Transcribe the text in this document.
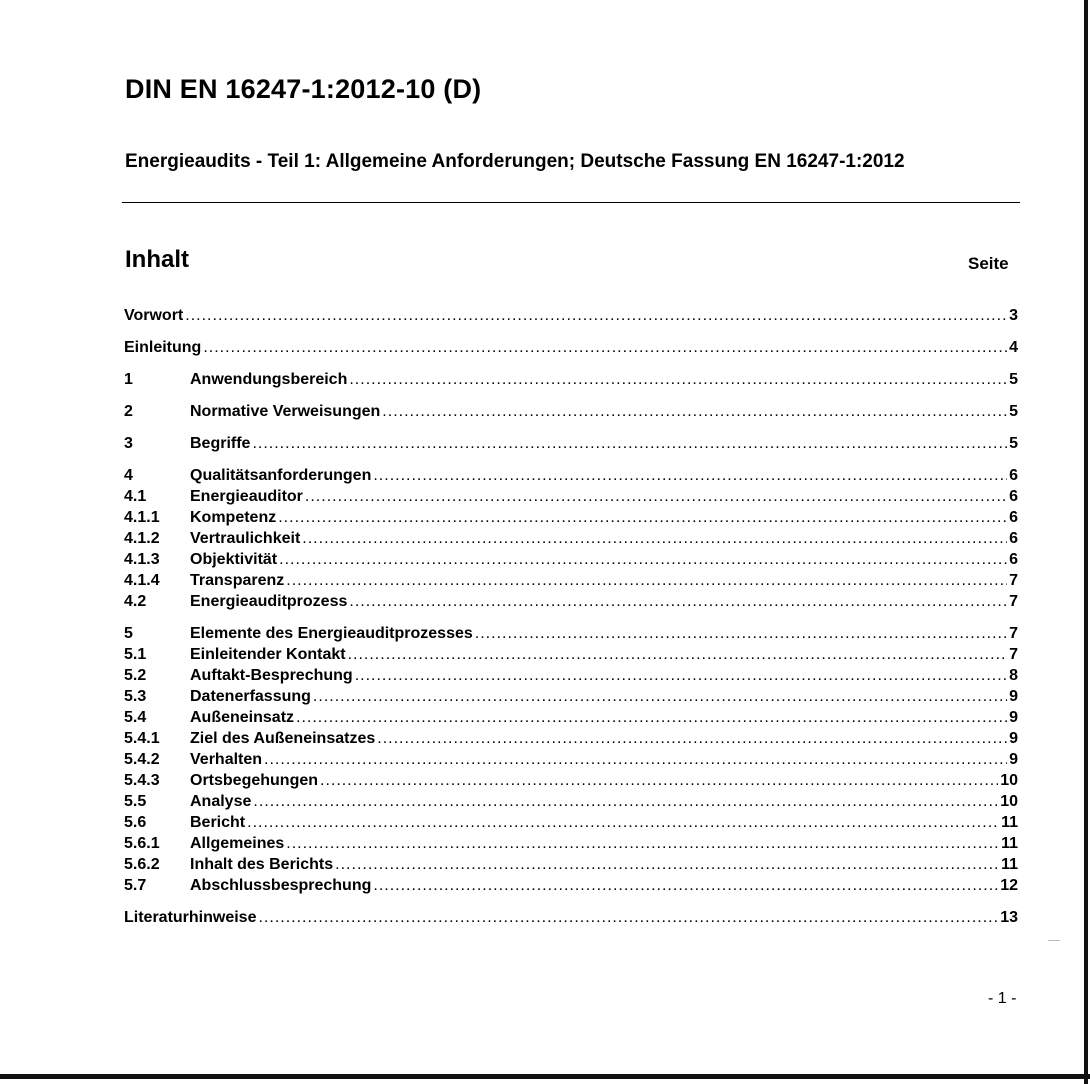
DIN EN 16247-1:2012-10 (D)
Energieaudits - Teil 1: Allgemeine Anforderungen; Deutsche Fassung EN 16247-1:2012
Inhalt	Seite
Vorwort .....	3
Einleitung .....	4
1	Anwendungsbereich .....	5
2	Normative Verweisungen .....	5
3	Begriffe .....	5
4	Qualitätsanforderungen .....	6
4.1	Energieauditor .....	6
4.1.1	Kompetenz .....	6
4.1.2	Vertraulichkeit .....	6
4.1.3	Objektivität .....	6
4.1.4	Transparenz .....	7
4.2	Energieauditprozess .....	7
5	Elemente des Energieauditprozesses .....	7
5.1	Einleitender Kontakt .....	7
5.2	Auftakt-Besprechung .....	8
5.3	Datenerfassung .....	9
5.4	Außeneinsatz .....	9
5.4.1	Ziel des Außeneinsatzes .....	9
5.4.2	Verhalten .....	9
5.4.3	Ortsbegehungen .....	10
5.5	Analyse .....	10
5.6	Bericht .....	11
5.6.1	Allgemeines .....	11
5.6.2	Inhalt des Berichts .....	11
5.7	Abschlussbesprechung .....	12
Literaturhinweise .....	13
- 1 -
